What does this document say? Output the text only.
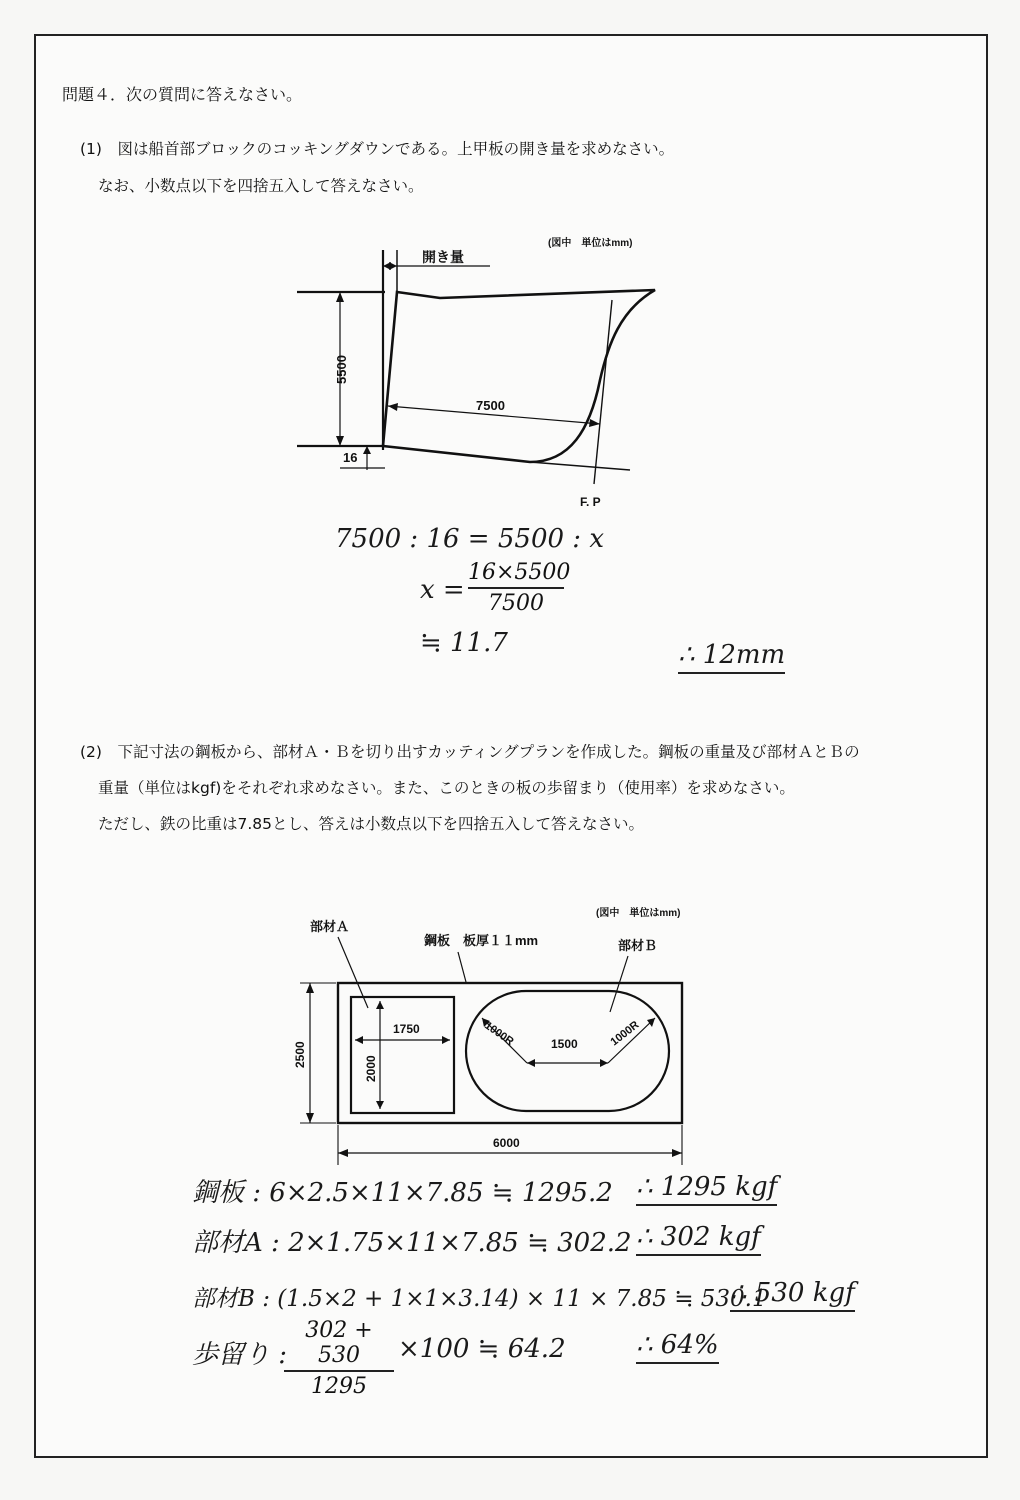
問題４．次の質問に答えなさい。
(1)　図は船首部ブロックのコッキングダウンである。上甲板の開き量を求めなさい。
なお、小数点以下を四捨五入して答えなさい。
開き量
(図中　単位はmm)
5500
16
7500
F. P
7500 : 16 = 5500 : x
x =
16×5500
7500
≒ 11.7	∴ 12mm
(2)　下記寸法の鋼板から、部材Ａ・Ｂを切り出すカッティングプランを作成した。鋼板の重量及び部材ＡとＢの
重量（単位はkgf)をそれぞれ求めなさい。また、このときの板の歩留まり（使用率）を求めなさい。
ただし、鉄の比重は7.85とし、答えは小数点以下を四捨五入して答えなさい。
部材Ａ
鋼板　板厚１１mm
(図中　単位はmm)
部材Ｂ
1750
2000
1000R	1500	1000R
2500
6000
鋼板 : 6×2.5×11×7.85 ≒ 1295.2 ∴ 1295 kgf
部材A : 2×1.75×11×7.85 ≒ 302.2 ∴ 302 kgf
部材B : (1.5×2 + 1×1×3.14) × 11 × 7.85 ≒ 530.1
∴ 530 kgf
歩留り :
302 + 530
1295
×100 ≒ 64.2	∴ 64%
